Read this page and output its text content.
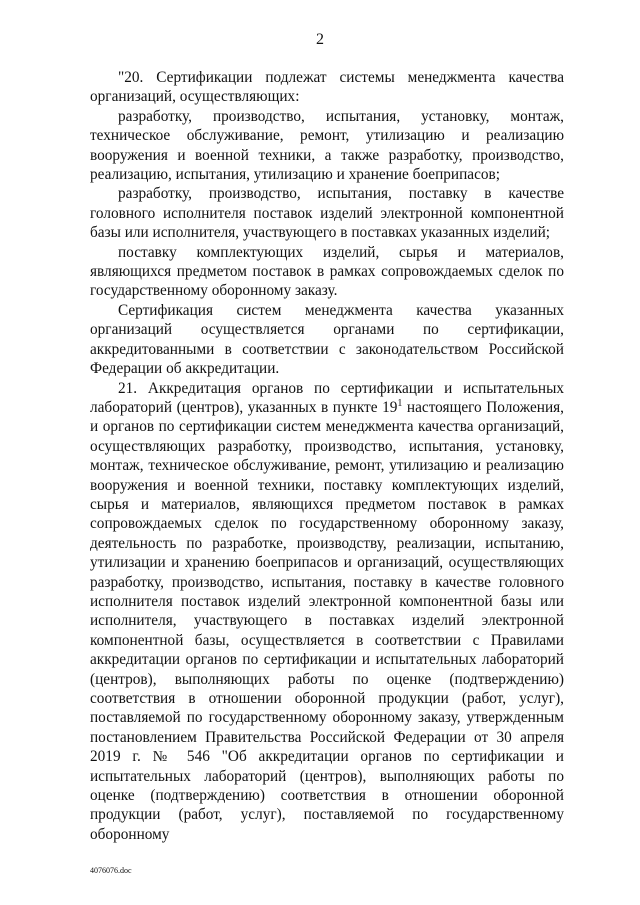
2

"20. Сертификации подлежат системы менеджмента качества организаций, осуществляющих:

разработку, производство, испытания, установку, монтаж, техническое обслуживание, ремонт, утилизацию и реализацию вооружения и военной техники, а также разработку, производство, реализацию, испытания, утилизацию и хранение боеприпасов;

разработку, производство, испытания, поставку в качестве головного исполнителя поставок изделий электронной компонентной базы или исполнителя, участвующего в поставках указанных изделий;

поставку комплектующих изделий, сырья и материалов, являющихся предметом поставок в рамках сопровождаемых сделок по государственному оборонному заказу.

Сертификация систем менеджмента качества указанных организаций осуществляется органами по сертификации, аккредитованными в соответствии с законодательством Российской Федерации об аккредитации.

21. Аккредитация органов по сертификации и испытательных лабораторий (центров), указанных в пункте $19^1$ настоящего Положения, и органов по сертификации систем менеджмента качества организаций, осуществляющих разработку, производство, испытания, установку, монтаж, техническое обслуживание, ремонт, утилизацию и реализацию вооружения и военной техники, поставку комплектующих изделий, сырья и материалов, являющихся предметом поставок в рамках сопровождаемых сделок по государственному оборонному заказу, деятельность по разработке, производству, реализации, испытанию, утилизации и хранению боеприпасов и организаций, осуществляющих разработку, производство, испытания, поставку в качестве головного исполнителя поставок изделий электронной компонентной базы или исполнителя, участвующего в поставках изделий электронной компонентной базы, осуществляется в соответствии с Правилами аккредитации органов по сертификации и испытательных лабораторий (центров), выполняющих работы по оценке (подтверждению) соответствия в отношении оборонной продукции (работ, услуг), поставляемой по государственному оборонному заказу, утвержденным постановлением Правительства Российской Федерации от 30 апреля 2019 г. № 546 "Об аккредитации органов по сертификации и испытательных лабораторий (центров), выполняющих работы по оценке (подтверждению) соответствия в отношении оборонной продукции (работ, услуг), поставляемой по государственному оборонному

4076076.doc
